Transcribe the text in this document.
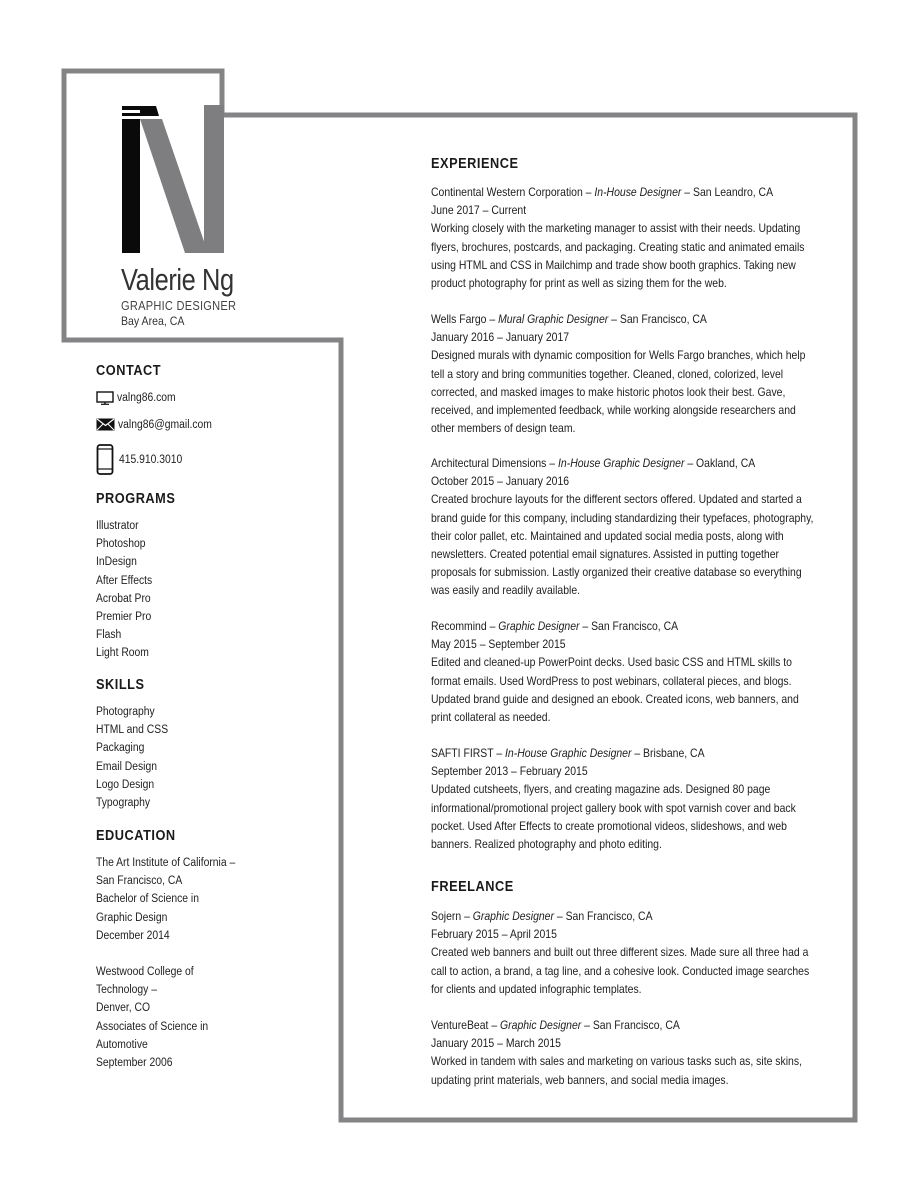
Valerie Ng
GRAPHIC DESIGNER
Bay Area, CA
CONTACT
valng86.com
valng86@gmail.com
415.910.3010
PROGRAMS
Illustrator
Photoshop
InDesign
After Effects
Acrobat Pro
Premier Pro
Flash
Light Room
SKILLS
Photography
HTML and CSS
Packaging
Email Design
Logo Design
Typography
EDUCATION
The Art Institute of California –
San Francisco, CA
Bachelor of Science in
Graphic Design
December 2014
Westwood College of
Technology –
Denver, CO
Associates of Science in
Automotive
September 2006
EXPERIENCE
Continental Western Corporation – In-House Designer – San Leandro, CA
June 2017 – Current
Working closely with the marketing manager to assist with their needs. Updating flyers, brochures, postcards, and packaging. Creating static and animated emails using HTML and CSS in Mailchimp and trade show booth graphics. Taking new product photography for print as well as sizing them for the web.
Wells Fargo – Mural Graphic Designer – San Francisco, CA
January 2016 – January 2017
Designed murals with dynamic composition for Wells Fargo branches, which help tell a story and bring communities together. Cleaned, cloned, colorized, level corrected, and masked images to make historic photos look their best. Gave, received, and implemented feedback, while working alongside researchers and other members of design team.
Architectural Dimensions – In-House Graphic Designer – Oakland, CA
October 2015 – January 2016
Created brochure layouts for the different sectors offered. Updated and started a brand guide for this company, including standardizing their typefaces, photography, their color pallet, etc. Maintained and updated social media posts, along with newsletters. Created potential email signatures. Assisted in putting together proposals for submission. Lastly organized their creative database so everything was easily and readily available.
Recommind – Graphic Designer – San Francisco, CA
May 2015 – September 2015
Edited and cleaned-up PowerPoint decks. Used basic CSS and HTML skills to format emails. Used WordPress to post webinars, collateral pieces, and blogs. Updated brand guide and designed an ebook. Created icons, web banners, and print collateral as needed.
SAFTI FIRST – In-House Graphic Designer – Brisbane, CA
September 2013 – February 2015
Updated cutsheets, flyers, and creating magazine ads. Designed 80 page informational/promotional project gallery book with spot varnish cover and back pocket. Used After Effects to create promotional videos, slideshows, and web banners. Realized photography and photo editing.
FREELANCE
Sojern – Graphic Designer – San Francisco, CA
February 2015 – April 2015
Created web banners and built out three different sizes. Made sure all three had a call to action, a brand, a tag line, and a cohesive look. Conducted image searches for clients and updated infographic templates.
VentureBeat – Graphic Designer – San Francisco, CA
January 2015 – March 2015
Worked in tandem with sales and marketing on various tasks such as, site skins, updating print materials, web banners, and social media images.
